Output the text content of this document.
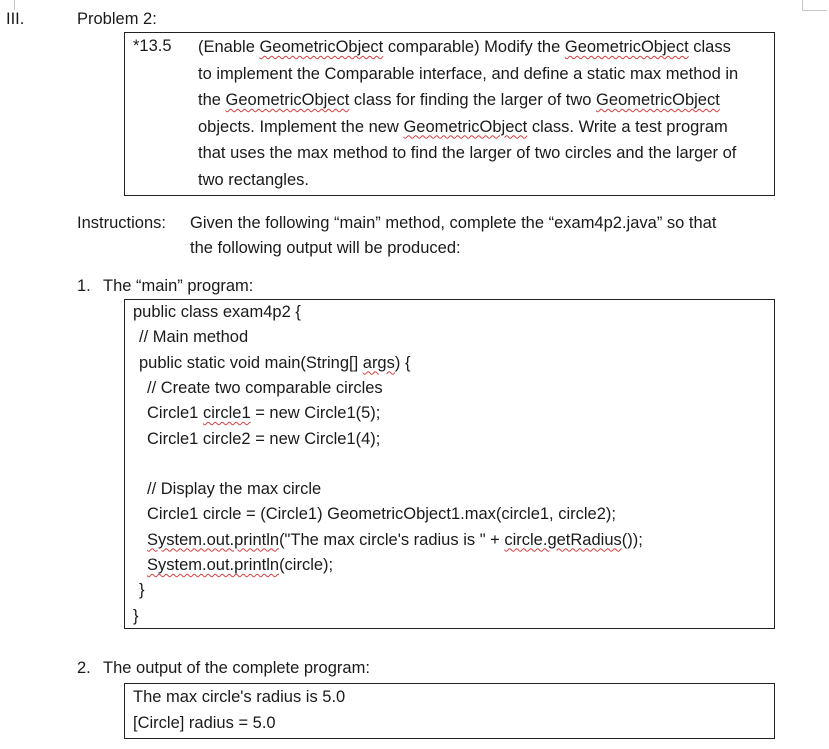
III.	Problem 2:
*13.5 (Enable GeometricObject comparable) Modify the GeometricObject class
to implement the Comparable interface, and define a static max method in
the GeometricObject class for finding the larger of two GeometricObject
objects. Implement the new GeometricObject class. Write a test program
that uses the max method to find the larger of two circles and the larger of
two rectangles.
Instructions: Given the following “main” method, complete the “exam4p2.java” so that
the following output will be produced:
1. The “main” program:
public class exam4p2 {
// Main method
public static void main(String[] args) {
// Create two comparable circles
Circle1 circle1 = new Circle1(5);
Circle1 circle2 = new Circle1(4);
// Display the max circle
Circle1 circle = (Circle1) GeometricObject1.max(circle1, circle2);
System.out.println("The max circle's radius is " + circle.getRadius());
System.out.println(circle);
}
}
2. The output of the complete program:
The max circle's radius is 5.0
[Circle] radius = 5.0
